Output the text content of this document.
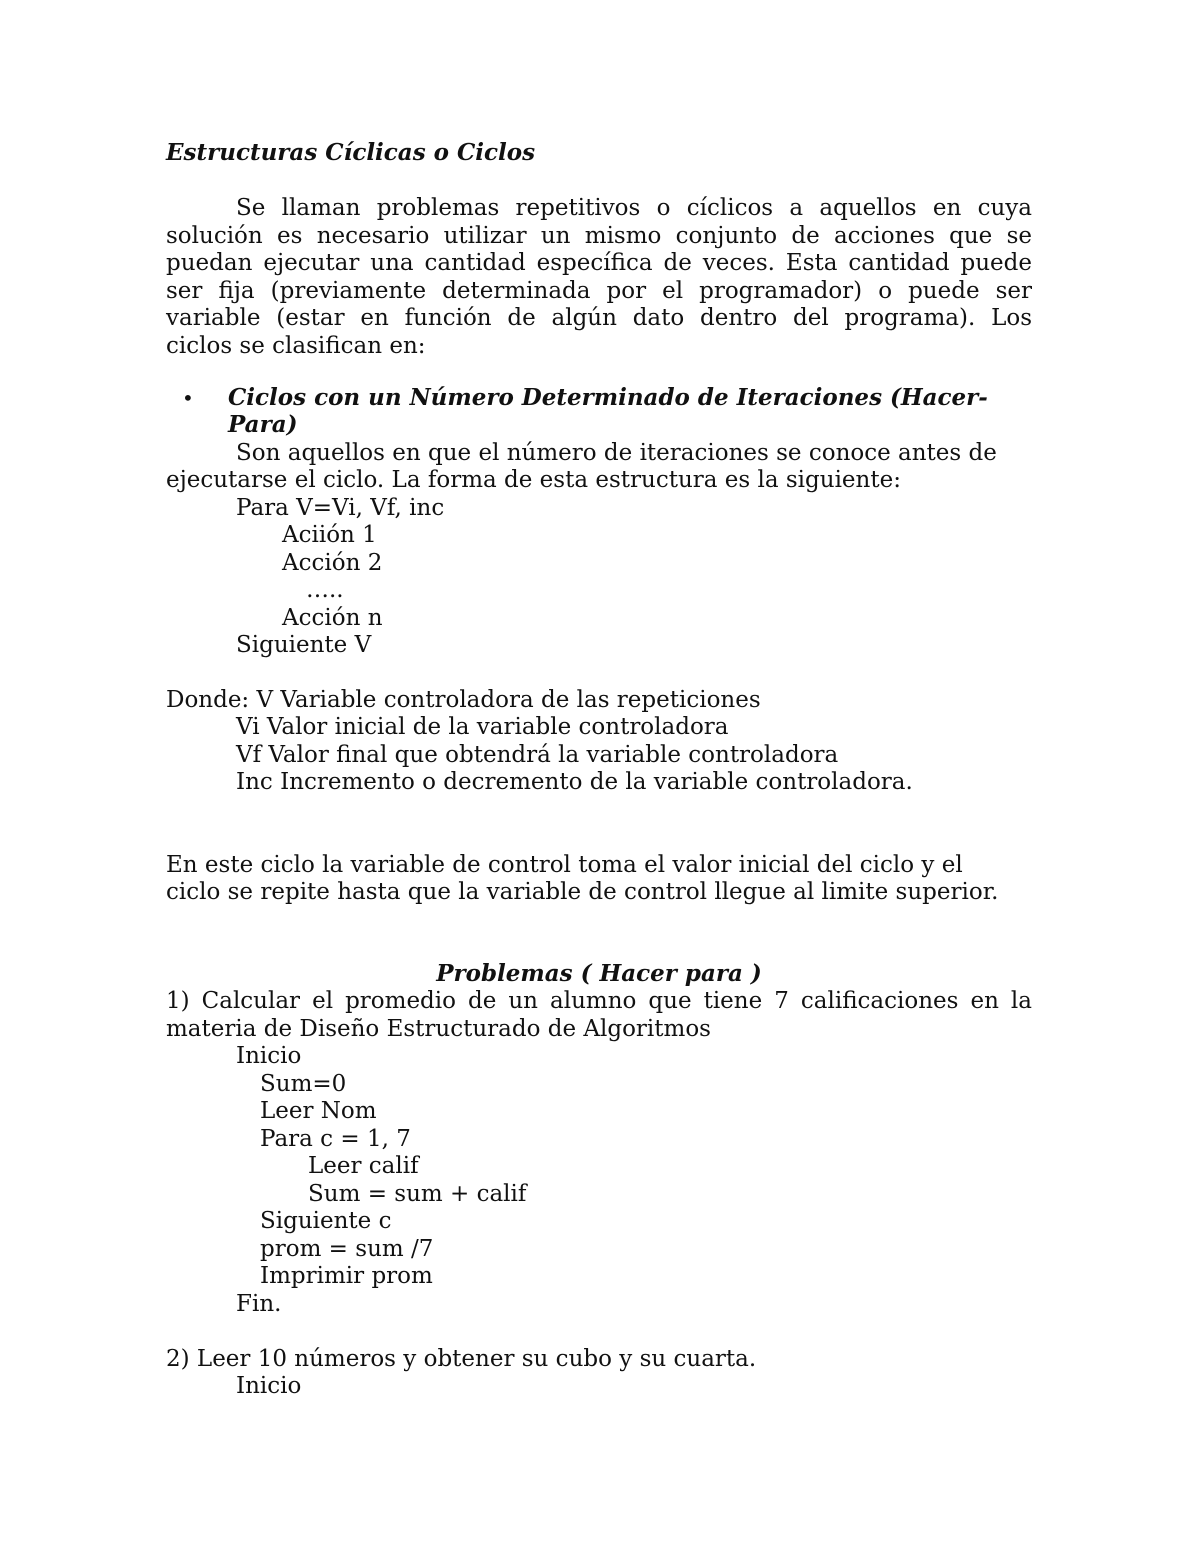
Estructuras Cíclicas o Ciclos
Se llaman problemas repetitivos o cíclicos a aquellos en cuya
solución es necesario utilizar un mismo conjunto de acciones que se
puedan ejecutar una cantidad específica de veces. Esta cantidad puede
ser fija (previamente determinada por el programador) o puede ser
variable (estar en función de algún dato dentro del programa). Los
ciclos se clasifican en:
• Ciclos con un Número Determinado de Iteraciones (Hacer-
Para)
Son aquellos en que el número de iteraciones se conoce antes de
ejecutarse el ciclo. La forma de esta estructura es la siguiente:
Para V=Vi, Vf, inc
Aciión 1
Acción 2
…..
Acción n
Siguiente V
Donde: V Variable controladora de las repeticiones
Vi Valor inicial de la variable controladora
Vf Valor final que obtendrá la variable controladora
Inc Incremento o decremento de la variable controladora.
En este ciclo la variable de control toma el valor inicial del ciclo y el
ciclo se repite hasta que la variable de control llegue al limite superior.
Problemas ( Hacer para )
1) Calcular el promedio de un alumno que tiene 7 calificaciones en la
materia de Diseño Estructurado de Algoritmos
Inicio
Sum=0
Leer Nom
Para c = 1, 7
Leer calif
Sum = sum + calif
Siguiente c
prom = sum /7
Imprimir prom
Fin.
2) Leer 10 números y obtener su cubo y su cuarta.
Inicio
